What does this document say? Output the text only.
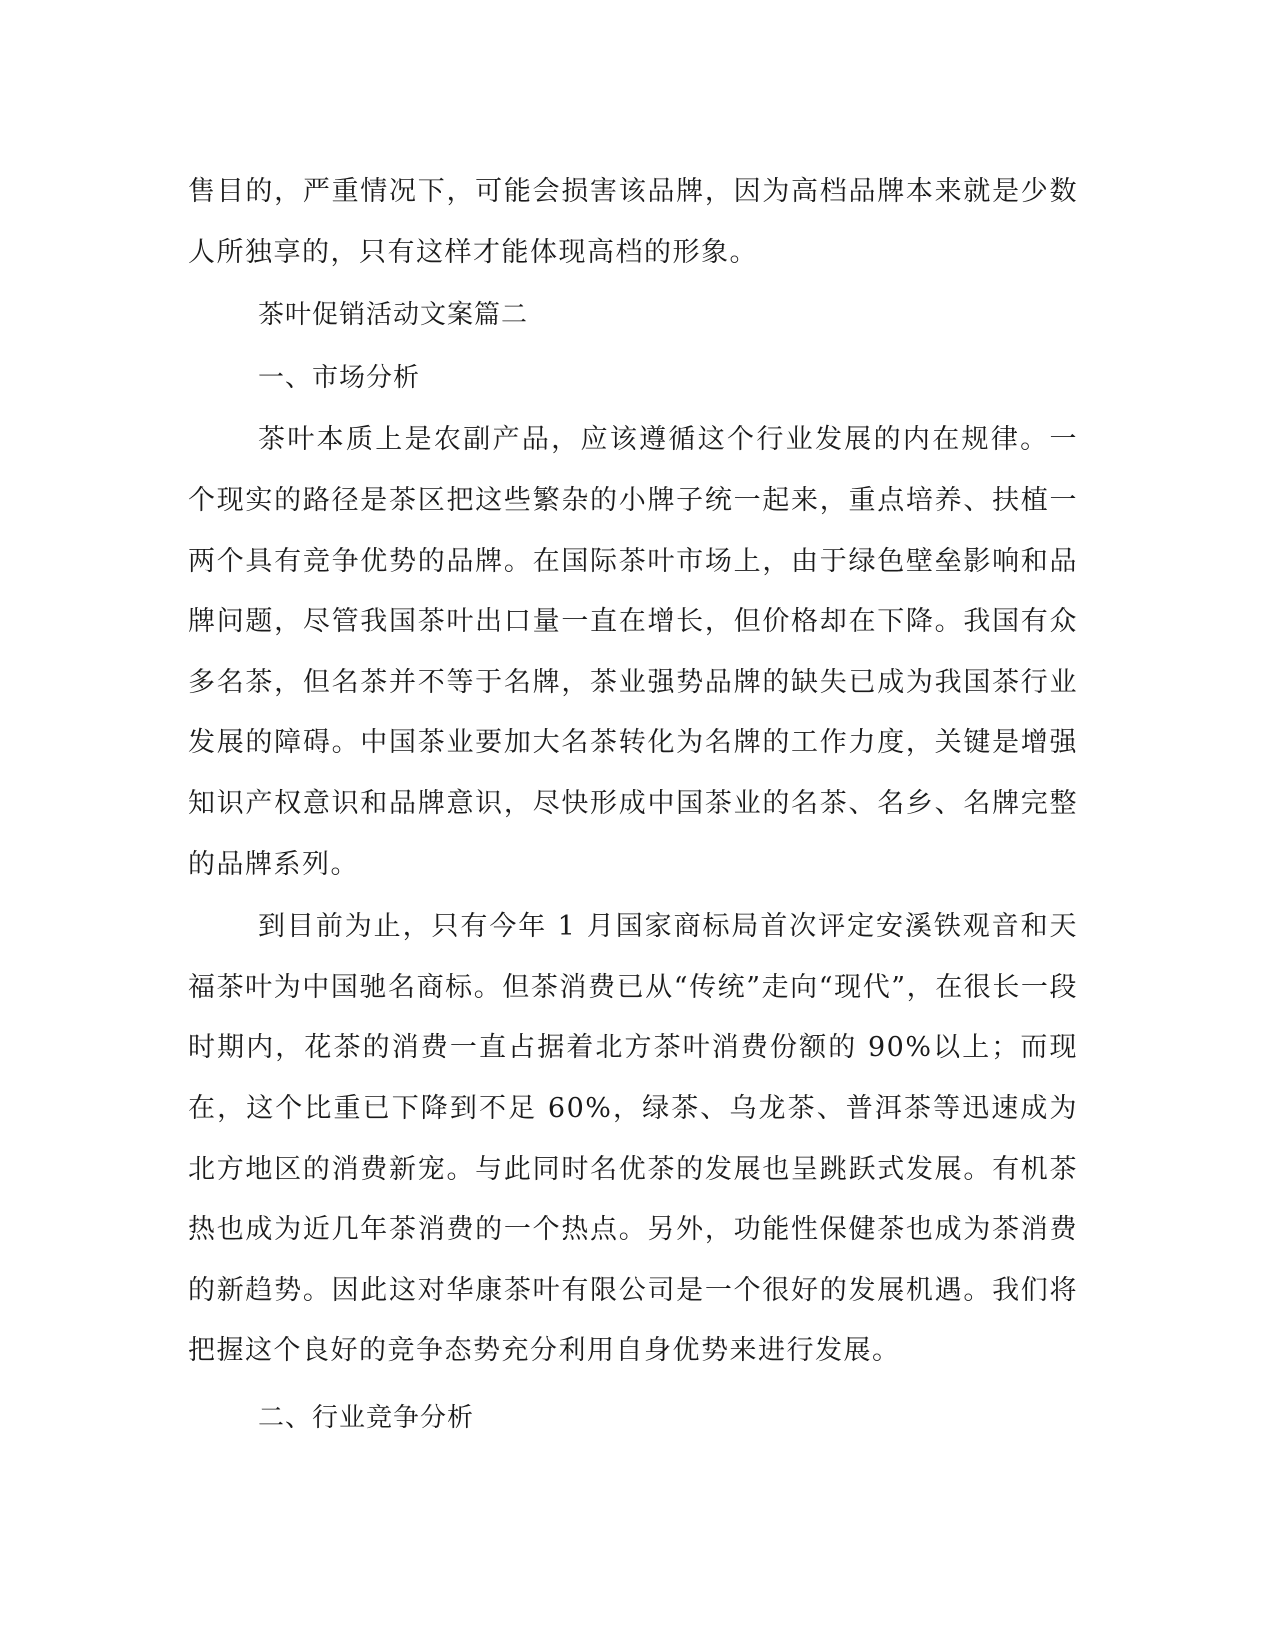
售目的，严重情况下，可能会损害该品牌，因为高档品牌本来就是少数人所独享的，只有这样才能体现高档的形象。

茶叶促销活动文案篇二

一、市场分析

茶叶本质上是农副产品，应该遵循这个行业发展的内在规律。一个现实的路径是茶区把这些繁杂的小牌子统一起来，重点培养、扶植一两个具有竞争优势的品牌。在国际茶叶市场上，由于绿色壁垒影响和品牌问题，尽管我国茶叶出口量一直在增长，但价格却在下降。我国有众多名茶，但名茶并不等于名牌，茶业强势品牌的缺失已成为我国茶行业发展的障碍。中国茶业要加大名茶转化为名牌的工作力度，关键是增强知识产权意识和品牌意识，尽快形成中国茶业的名茶、名乡、名牌完整的品牌系列。

到目前为止，只有今年 1 月国家商标局首次评定安溪铁观音和天福茶叶为中国驰名商标。但茶消费已从“传统”走向“现代”，在很长一段时期内，花茶的消费一直占据着北方茶叶消费份额的 90%以上；而现在，这个比重已下降到不足 60%，绿茶、乌龙茶、普洱茶等迅速成为北方地区的消费新宠。与此同时名优茶的发展也呈跳跃式发展。有机茶热也成为近几年茶消费的一个热点。另外，功能性保健茶也成为茶消费的新趋势。因此这对华康茶叶有限公司是一个很好的发展机遇。我们将把握这个良好的竞争态势充分利用自身优势来进行发展。

二、行业竞争分析
